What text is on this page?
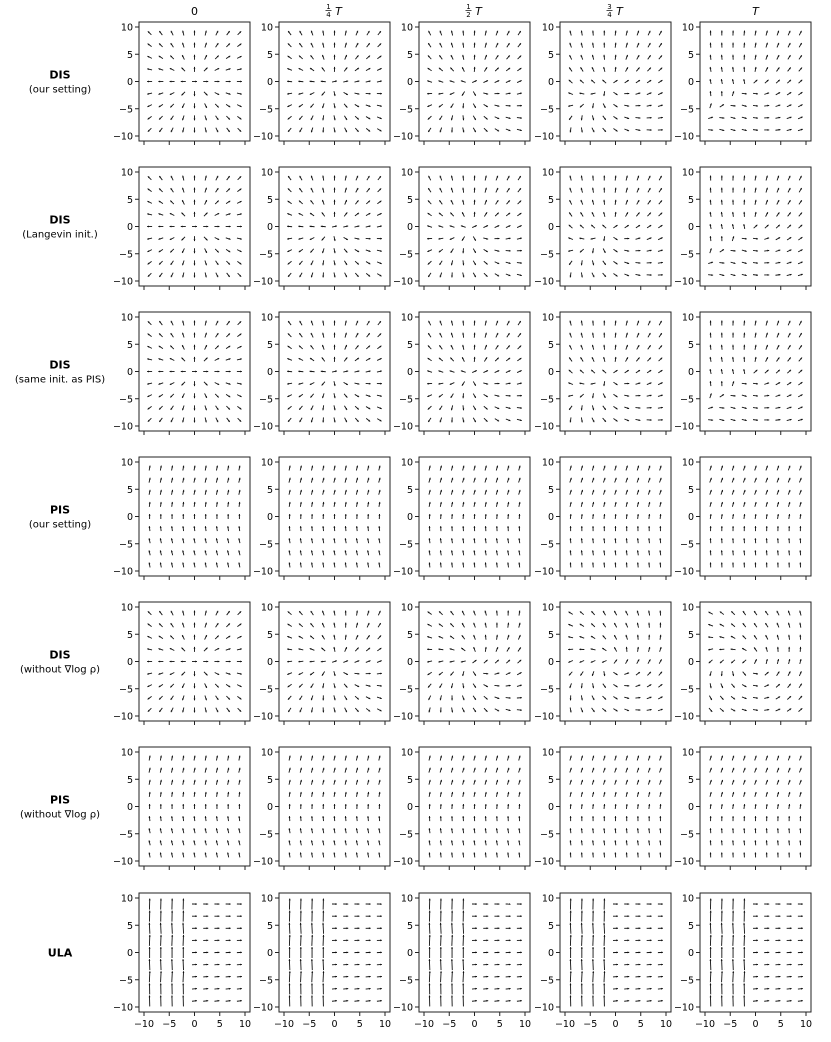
0	1
4 T	1
2 T	3
4 T	T
DIS
(our setting)
10
5
0
−5
−10
10
5
0
−5
−10
10
5
0
−5
−10
10
5
0
−5
−10
10
5
0
−5
−10
DIS
(Langevin init.)
10
5
0
−5
−10
10
5
0
−5
−10
10
5
0
−5
−10
10
5
0
−5
−10
10
5
0
−5
−10
DIS
(same init. as PIS)
10
5
0
−5
−10
10
5
0
−5
−10
10
5
0
−5
−10
10
5
0
−5
−10
10
5
0
−5
−10
PIS
(our setting)
10
5
0
−5
−10
10
5
0
−5
−10
10
5
0
−5
−10
10
5
0
−5
−10
10
5
0
−5
−10
DIS
(without ∇log ρ)
10
5
0
−5
−10
10
5
0
−5
−10
10
5
0
−5
−10
10
5
0
−5
−10
10
5
0
−5
−10
PIS
(without ∇log ρ)
10
5
0
−5
−10
10
5
0
−5
−10
10
5
0
−5
−10
10
5
0
−5
−10
10
5
0
−5
−10
ULA
10
5
0
−5
−10
−10 −5 0 5 10
10
5
0
−5
−10
−10 −5 0 5 10
10
5
0
−5
−10
−10 −5 0 5 10
10
5
0
−5
−10
−10 −5 0 5 10
10
5
0
−5
−10
−10 −5 0 5 10
